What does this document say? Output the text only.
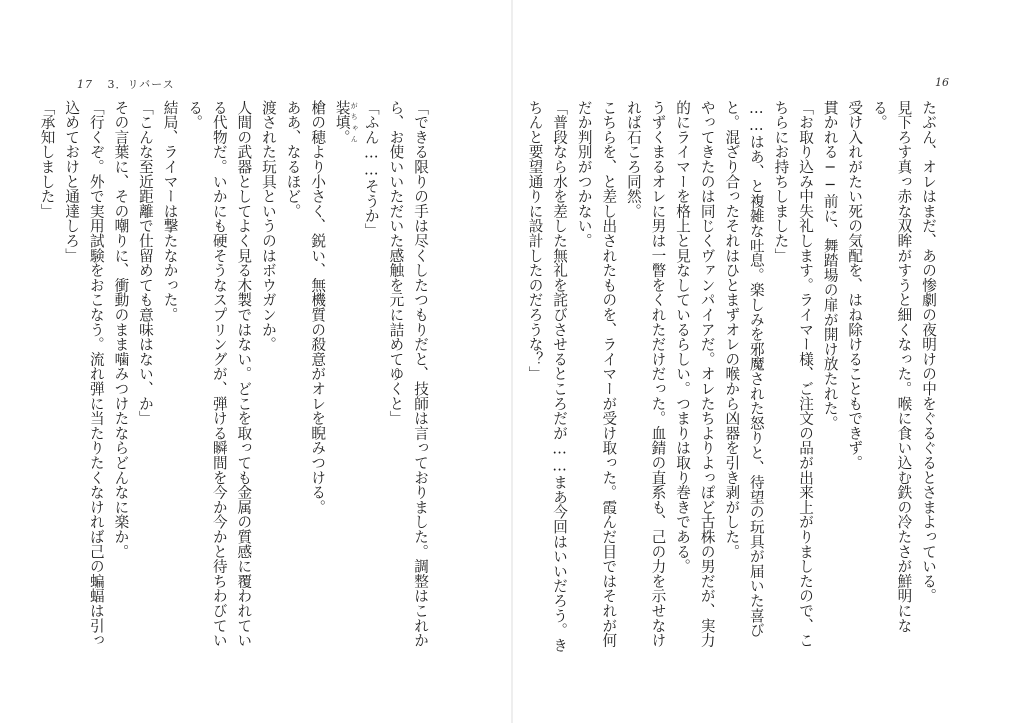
17 3．リバース	16

たぶん、オレはまだ、あの惨劇の夜明けの中をぐるぐるとさまよっている。

見下ろす真っ赤な双眸がすうと細くなった。喉に食い込む鉄の冷たさが鮮明になる。

受け入れがたい死の気配を、はね除けることもできず。

貫かれる──前に、舞踏場の扉が開け放たれた。

「お取り込み中失礼します。ライマー様、ご注文の品が出来上がりましたので、こちらにお持ちしました」

……はあ、と複雑な吐息。楽しみを邪魔された怒りと、待望の玩具が届いた喜びと。混ざり合ったそれはひとまずオレの喉から凶器を引き剥がした。

やってきたのは同じくヴァンパイアだ。オレたちよりよっぽど古株の男だが、実力的にライマーを格上と見なしているらしい。つまりは取り巻きである。

うずくまるオレに男は一瞥をくれただけだった。血錆の直系も、己の力を示せなければ石ころ同然。

こちらを、と差し出されたものを、ライマーが受け取った。霞んだ目ではそれが何だか判別がつかない。

「普段なら水を差した無礼を詫びさせるところだが……まあ今回はいいだろう。きちんと要望通りに設計したのだろうな？」

「できる限りの手は尽くしたつもりだと、技師は言っておりました。調整はこれから、お使いいただいた感触を元に詰めてゆくと」

「ふん……そうか」

装填。 がちゃん

槍の穂より小さく、鋭い、無機質の殺意がオレを睨みつける。

ああ、なるほど。

渡された玩具というのはボウガンか。

人間の武器としてよく見る木製ではない。どこを取っても金属の質感に覆われている代物だ。いかにも硬そうなスプリングが、弾ける瞬間を今か今かと待ちわびている。

結局、ライマーは撃たなかった。

「こんな至近距離で仕留めても意味はない、か」

その言葉に、その嘲りに、衝動のまま噛みつけたならどんなに楽か。

「行くぞ。外で実用試験をおこなう。流れ弾に当たりたくなければ己の蝙蝠は引っ込めておけと通達しろ」

「承知しました」
